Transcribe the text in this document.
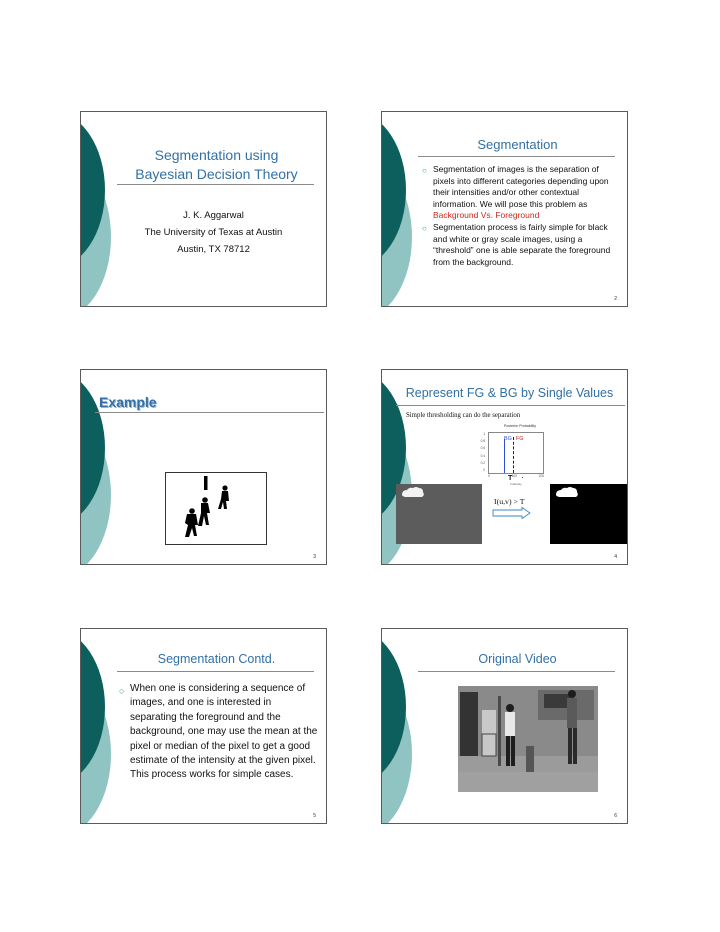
Segmentation using
Bayesian Decision Theory
J. K. Aggarwal
The University of Texas at Austin
Austin, TX 78712
Segmentation
○ Segmentation of images is the separation of pixels into different categories depending upon their intensities and/or other contextual information. We will pose this problem as Background Vs. Foreground
○ Segmentation process is fairly simple for black and white or gray scale images, using a “threshold” one is able separate the foreground from the background.
2
Example
3
Represent FG & BG by Single Values
Simple thresholding can do the separation
Posterior Probability
1
0.8
0.6
0.4
0.2
0
BG FG
0	100	200
T
Intensity
I(u,v) > T
4
Segmentation Contd.
○ When one is considering a sequence of images, and one is interested in separating the foreground and the background, one may use the mean at the pixel or median of the pixel to get a good estimate of the intensity at the given pixel. This process works for simple cases.
5
Original Video
6
